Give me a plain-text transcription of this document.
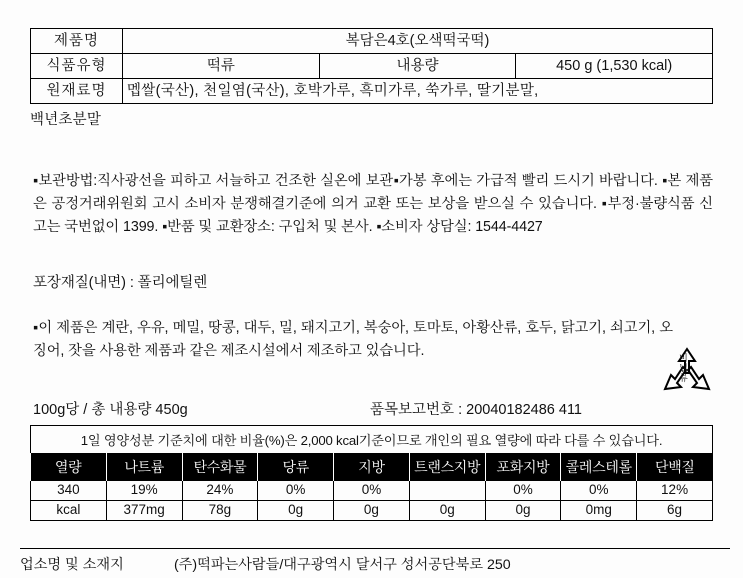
제품명	복담은4호(오색떡국떡)		
식품유형	떡류	내용량	450 g (1,530 kcal)
원재료명	멥쌀(국산), 천일염(국산), 호박가루, 흑미가루, 쑥가루, 딸기분말,		
백년초분말
▪보관방법:직사광선을 피하고 서늘하고 건조한 실온에 보관▪가봉 후에는 가급적 빨리 드시기 바랍니다. ▪본 제품은 공정거래위원회 고시 소비자 분쟁해결기준에 의거 교환 또는 보상을 받으실 수 있습니다. ▪부정·불량식품 신고는 국번없이 1399. ▪반품 및 교환장소: 구입처 및 본사. ▪소비자 상담실: 1544-4427
포장재질(내면) : 폴리에틸렌
▪이 제품은 계란, 우유, 메밀, 땅콩, 대두, 밀, 돼지고기, 복숭아, 토마토, 아황산류, 호두, 닭고기, 쇠고기, 오징어, 잣을 사용한 제품과 같은 제조시설에서 제조하고 있습니다.
비닐류
100g당 / 총 내용량 450g	품목보고번호 : 20040182486 411
1일 영양성분 기준치에 대한 비율(%)은 2,000 kcal기준이므로 개인의 필요 열량에 따라 다를 수 있습니다.
열량	나트륨	탄수화물	당류	지방	트랜스지방	포화지방	콜레스테롤	단백질
340	19%	24%	0%	0%		0%	0%	12%
kcal	377mg	78g	0g	0g	0g	0g	0mg	6g
업소명 및 소재지	(주)떡파는사람들/대구광역시 달서구 성서공단북로 250
